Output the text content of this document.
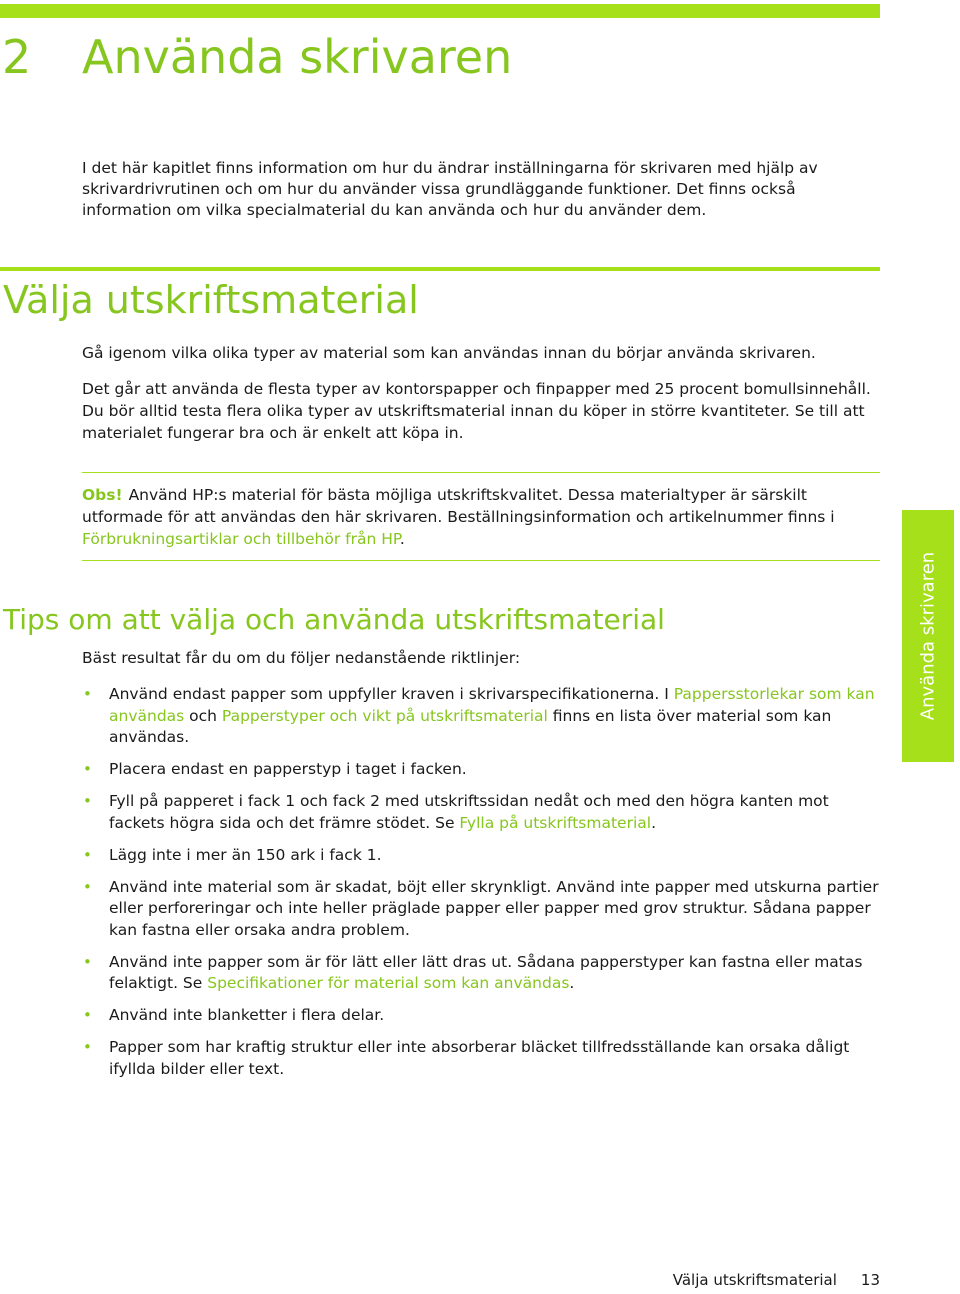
2 Använda skrivaren

I det här kapitlet finns information om hur du ändrar inställningarna för skrivaren med hjälp av skrivardrivrutinen och om hur du använder vissa grundläggande funktioner. Det finns också information om vilka specialmaterial du kan använda och hur du använder dem.

Välja utskriftsmaterial

Gå igenom vilka olika typer av material som kan användas innan du börjar använda skrivaren.

Det går att använda de flesta typer av kontorspapper och finpapper med 25 procent bomullsinnehåll. Du bör alltid testa flera olika typer av utskriftsmaterial innan du köper in större kvantiteter. Se till att materialet fungerar bra och är enkelt att köpa in.

Obs! Använd HP:s material för bästa möjliga utskriftskvalitet. Dessa materialtyper är särskilt utformade för att användas den här skrivaren. Beställningsinformation och artikelnummer finns i Förbrukningsartiklar och tillbehör från HP.

Tips om att välja och använda utskriftsmaterial

Bäst resultat får du om du följer nedanstående riktlinjer:

• Använd endast papper som uppfyller kraven i skrivarspecifikationerna. I Pappersstorlekar som kan användas och Papperstyper och vikt på utskriftsmaterial finns en lista över material som kan användas.
• Placera endast en papperstyp i taget i facken.
• Fyll på papperet i fack 1 och fack 2 med utskriftssidan nedåt och med den högra kanten mot fackets högra sida och det främre stödet. Se Fylla på utskriftsmaterial.
• Lägg inte i mer än 150 ark i fack 1.
• Använd inte material som är skadat, böjt eller skrynkligt. Använd inte papper med utskurna partier eller perforeringar och inte heller präglade papper eller papper med grov struktur. Sådana papper kan fastna eller orsaka andra problem.
• Använd inte papper som är för lätt eller lätt dras ut. Sådana papperstyper kan fastna eller matas felaktigt. Se Specifikationer för material som kan användas.
• Använd inte blanketter i flera delar.
• Papper som har kraftig struktur eller inte absorberar bläcket tillfredsställande kan orsaka dåligt ifyllda bilder eller text.
Använda skrivaren
Välja utskriftsmaterial 13
